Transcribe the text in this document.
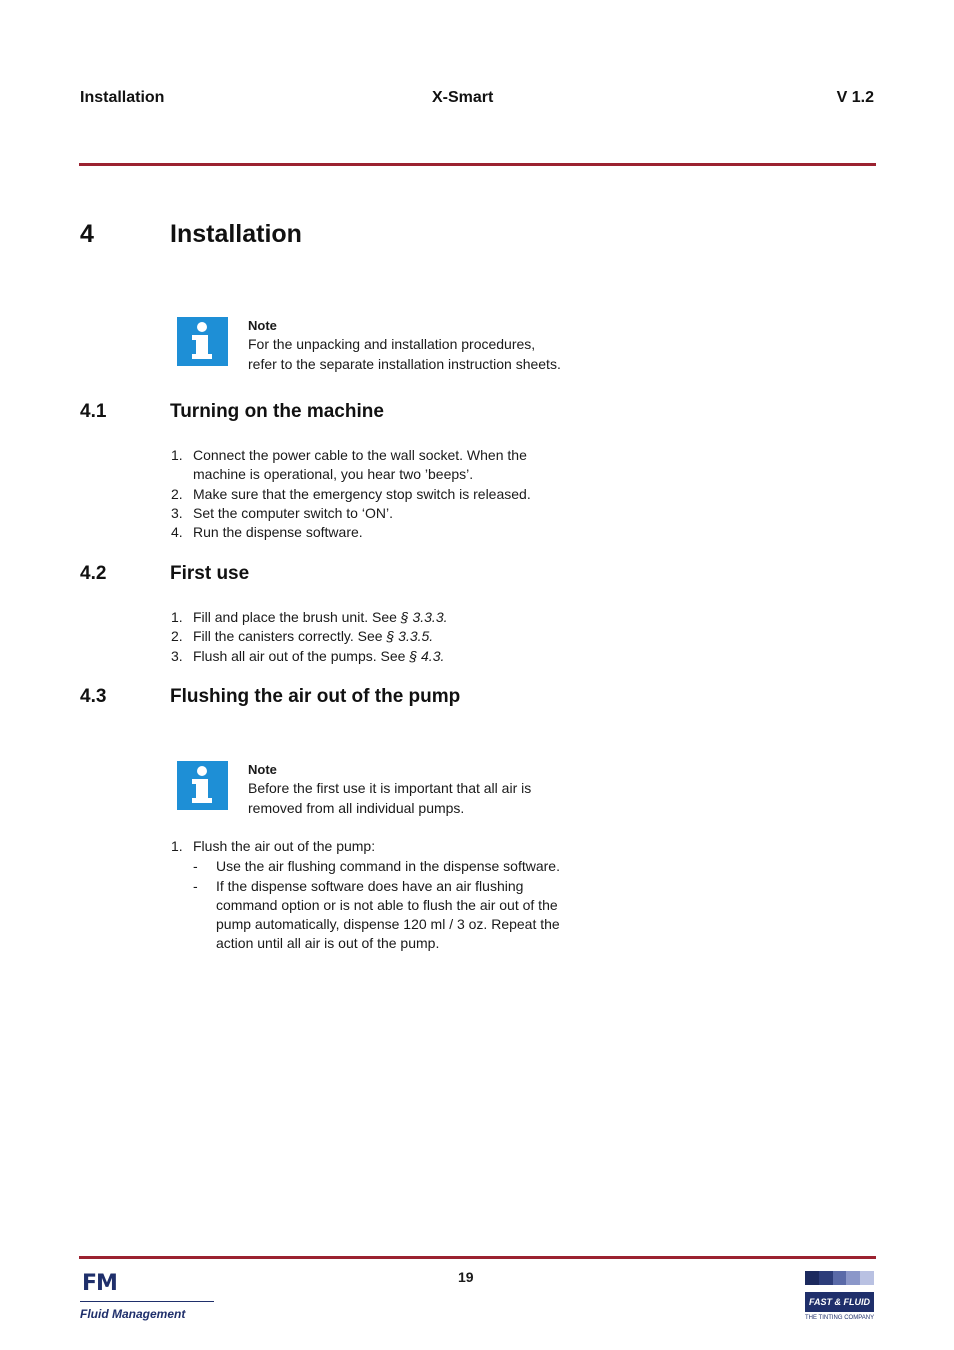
Installation	X-Smart	V 1.2
4	Installation
Note
For the unpacking and installation procedures,
refer to the separate installation instruction sheets.
4.1	Turning on the machine
1. Connect the power cable to the wall socket. When the
machine is operational, you hear two ’beeps’.
2. Make sure that the emergency stop switch is released.
3. Set the computer switch to ‘ON’.
4. Run the dispense software.
4.2	First use
1. Fill and place the brush unit. See § 3.3.3.
2. Fill the canisters correctly. See § 3.3.5.
3. Flush all air out of the pumps. See § 4.3.
4.3	Flushing the air out of the pump
Note
Before the first use it is important that all air is
removed from all individual pumps.
1. Flush the air out of the pump:
- Use the air flushing command in the dispense software.
- If the dispense software does have an air flushing
command option or is not able to flush the air out of the
pump automatically, dispense 120 ml / 3 oz. Repeat the
action until all air is out of the pump.
19
FM
Fluid Management
FAST & FLUID
THE TINTING COMPANY
